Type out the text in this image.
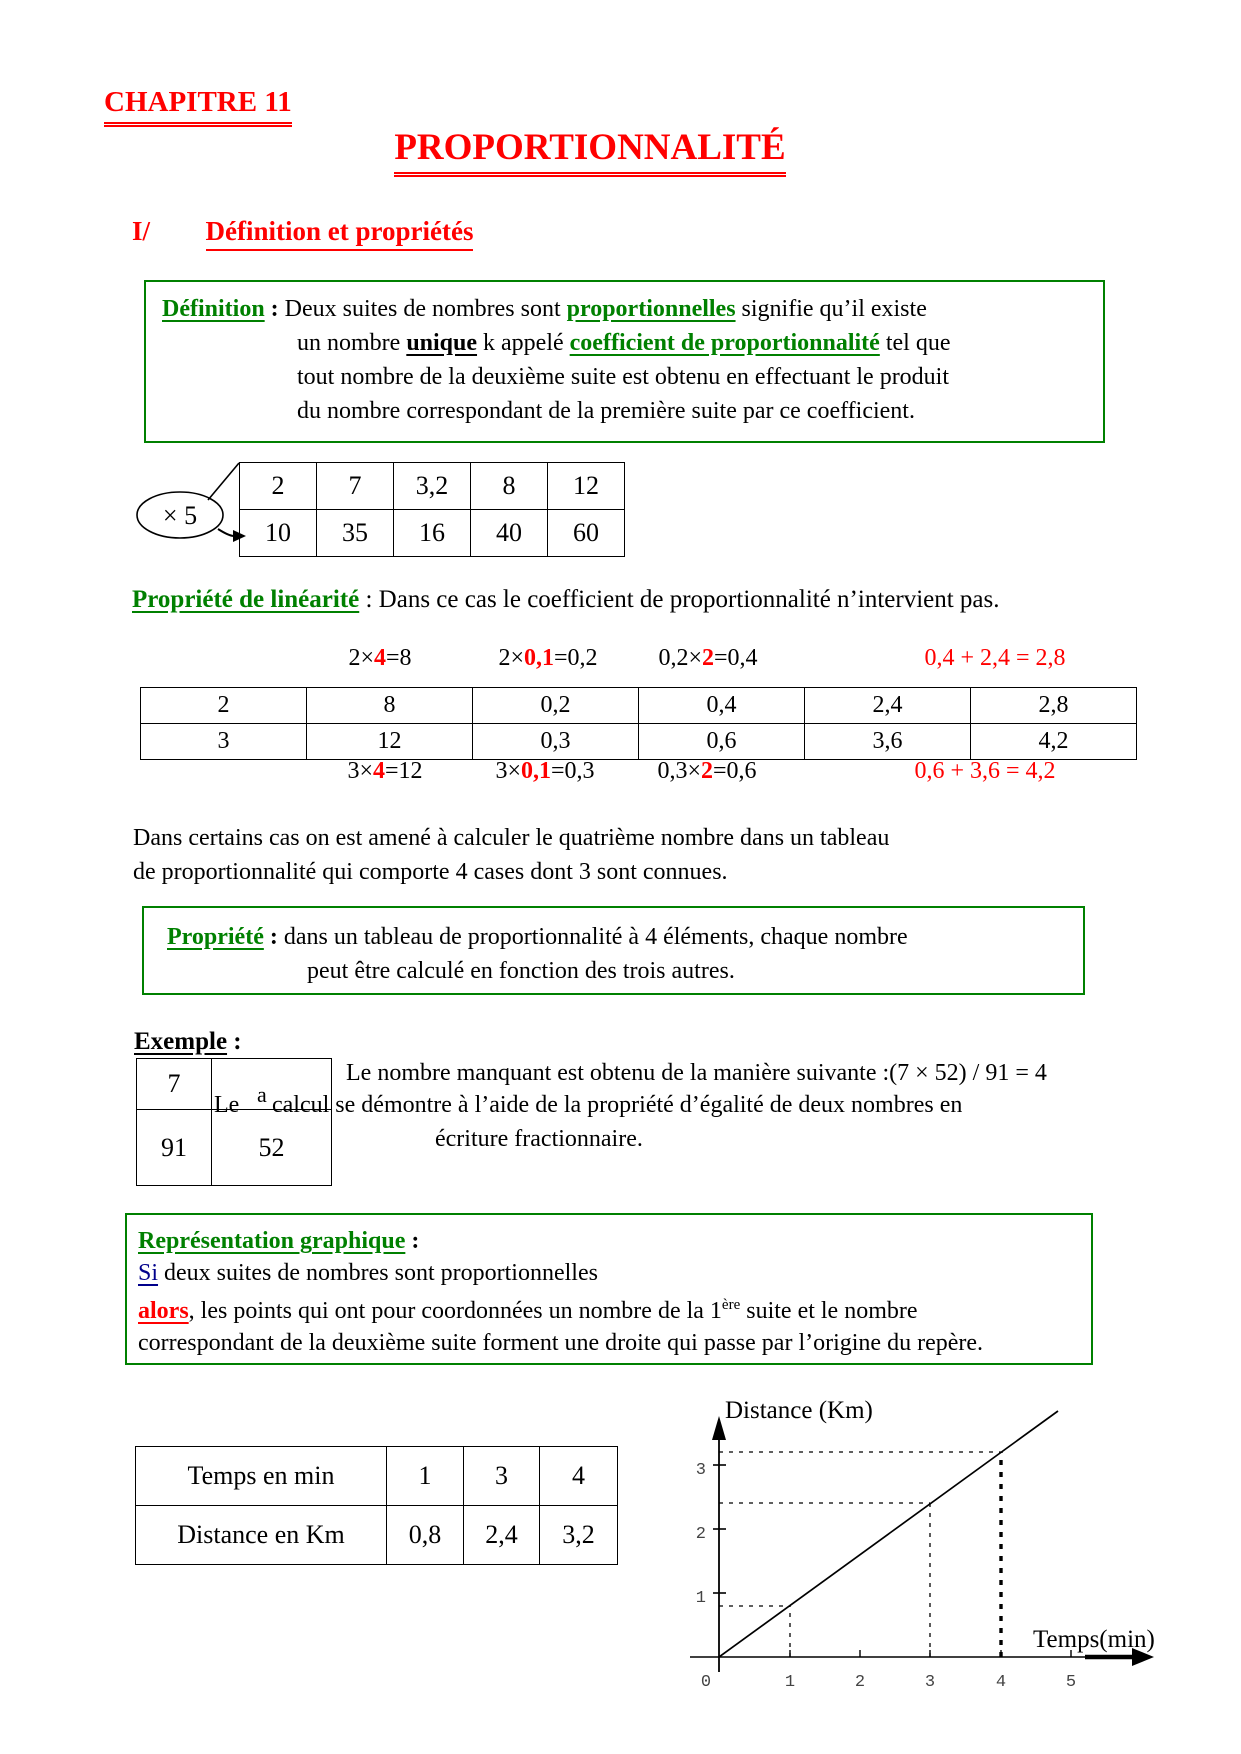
CHAPITRE 11
PROPORTIONNALITÉ
I/ Définition et propriétés
Définition : Deux suites de nombres sont proportionnelles signifie qu’il existe
un nombre unique k appelé coefficient de proportionnalité tel que
tout nombre de la deuxième suite est obtenu en effectuant le produit
du nombre correspondant de la première suite par ce coefficient.
× 5
2	7	3,2	8	12
10	35	16	40	60
Propriété de linéarité : Dans ce cas le coefficient de proportionnalité n’intervient pas.
2×4=8	2×0,1=0,2	0,2×2=0,4	0,4 + 2,4 = 2,8
2	8	0,2	0,4	2,4	2,8
3	12	0,3	0,6	3,6	4,2
3×4=12	3×0,1=0,3	0,3×2=0,6	0,6 + 3,6 = 4,2
Dans certains cas on est amené à calculer le quatrième nombre dans un tableau
de proportionnalité qui comporte 4 cases dont 3 sont connues.
Propriété : dans un tableau de proportionnalité à 4 éléments, chaque nombre
peut être calculé en fonction des trois autres.
Exemple :
7	a
91	52
Le nombre manquant est obtenu de la manière suivante :(7 × 52) / 91 = 4
Le calcul se démontre à l’aide de la propriété d’égalité de deux nombres en
écriture fractionnaire.
Représentation graphique :
Si deux suites de nombres sont proportionnelles
alors, les points qui ont pour coordonnées un nombre de la 1ère suite et le nombre
correspondant de la deuxième suite forment une droite qui passe par l’origine du repère.
Temps en min	1	3	4
Distance en Km	0,8	2,4	3,2
Distance (Km)
Temps(min)
0	1	2	3	4	5
1
2
3
